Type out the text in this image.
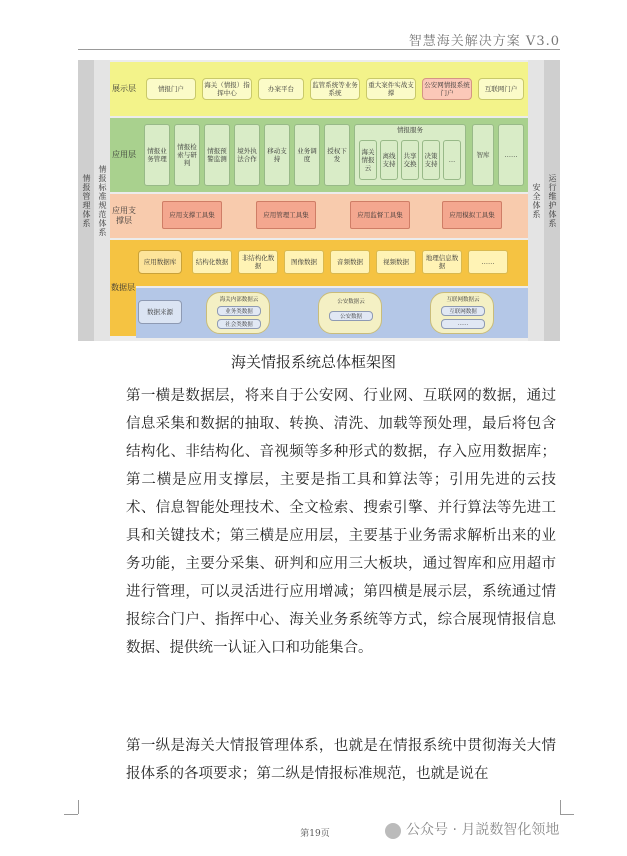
智慧海关解决方案 V3.0
情报管理体系 情报标准规范体系	安全体系 运行维护体系
展示层	情报门户
海关（情报）指挥中心
办案平台
监管系统等业务系统
重大案件实战支撑
公安网情报系统门户
互联网门户
应用层	情报业务管理
情报检索与研判
情报预警监测
境外执法合作
移动支持
业务调度
授权下发
情报服务
海关情报云
离线支持
共享交换
决策支持
…
智库	……
应用支撑层
应用支撑工具集	应用管理工具集	应用监督工具集	应用模拟工具集
数据层
应用数据库	结构化数据
非结构化数据
图像数据	音频数据	视频数据
地理信息数据
……
数据来源
海关内部数据云
业务类数据
社会类数据
公安数据云
公安数据
互联网数据云
互联网数据
……
海关情报系统总体框架图
第一横是数据层，将来自于公安网、行业网、互联网的数据，通过信息采集和数据的抽取、转换、清洗、加载等预处理，最后将包含结构化、非结构化、音视频等多种形式的数据，存入应用数据库；第二横是应用支撑层，主要是指工具和算法等；引用先进的云技术、信息智能处理技术、全文检索、搜索引擎、并行算法等先进工具和关键技术；第三横是应用层，主要基于业务需求解析出来的业务功能，主要分采集、研判和应用三大板块，通过智库和应用超市进行管理，可以灵活进行应用增减；第四横是展示层，系统通过情报综合门户、指挥中心、海关业务系统等方式，综合展现情报信息数据、提供统一认证入口和功能集合。
第一纵是海关大情报管理体系，也就是在情报系统中贯彻海关大情报体系的各项要求；第二纵是情报标准规范，也就是说在
第19页	公众号 · 月説数智化领地
